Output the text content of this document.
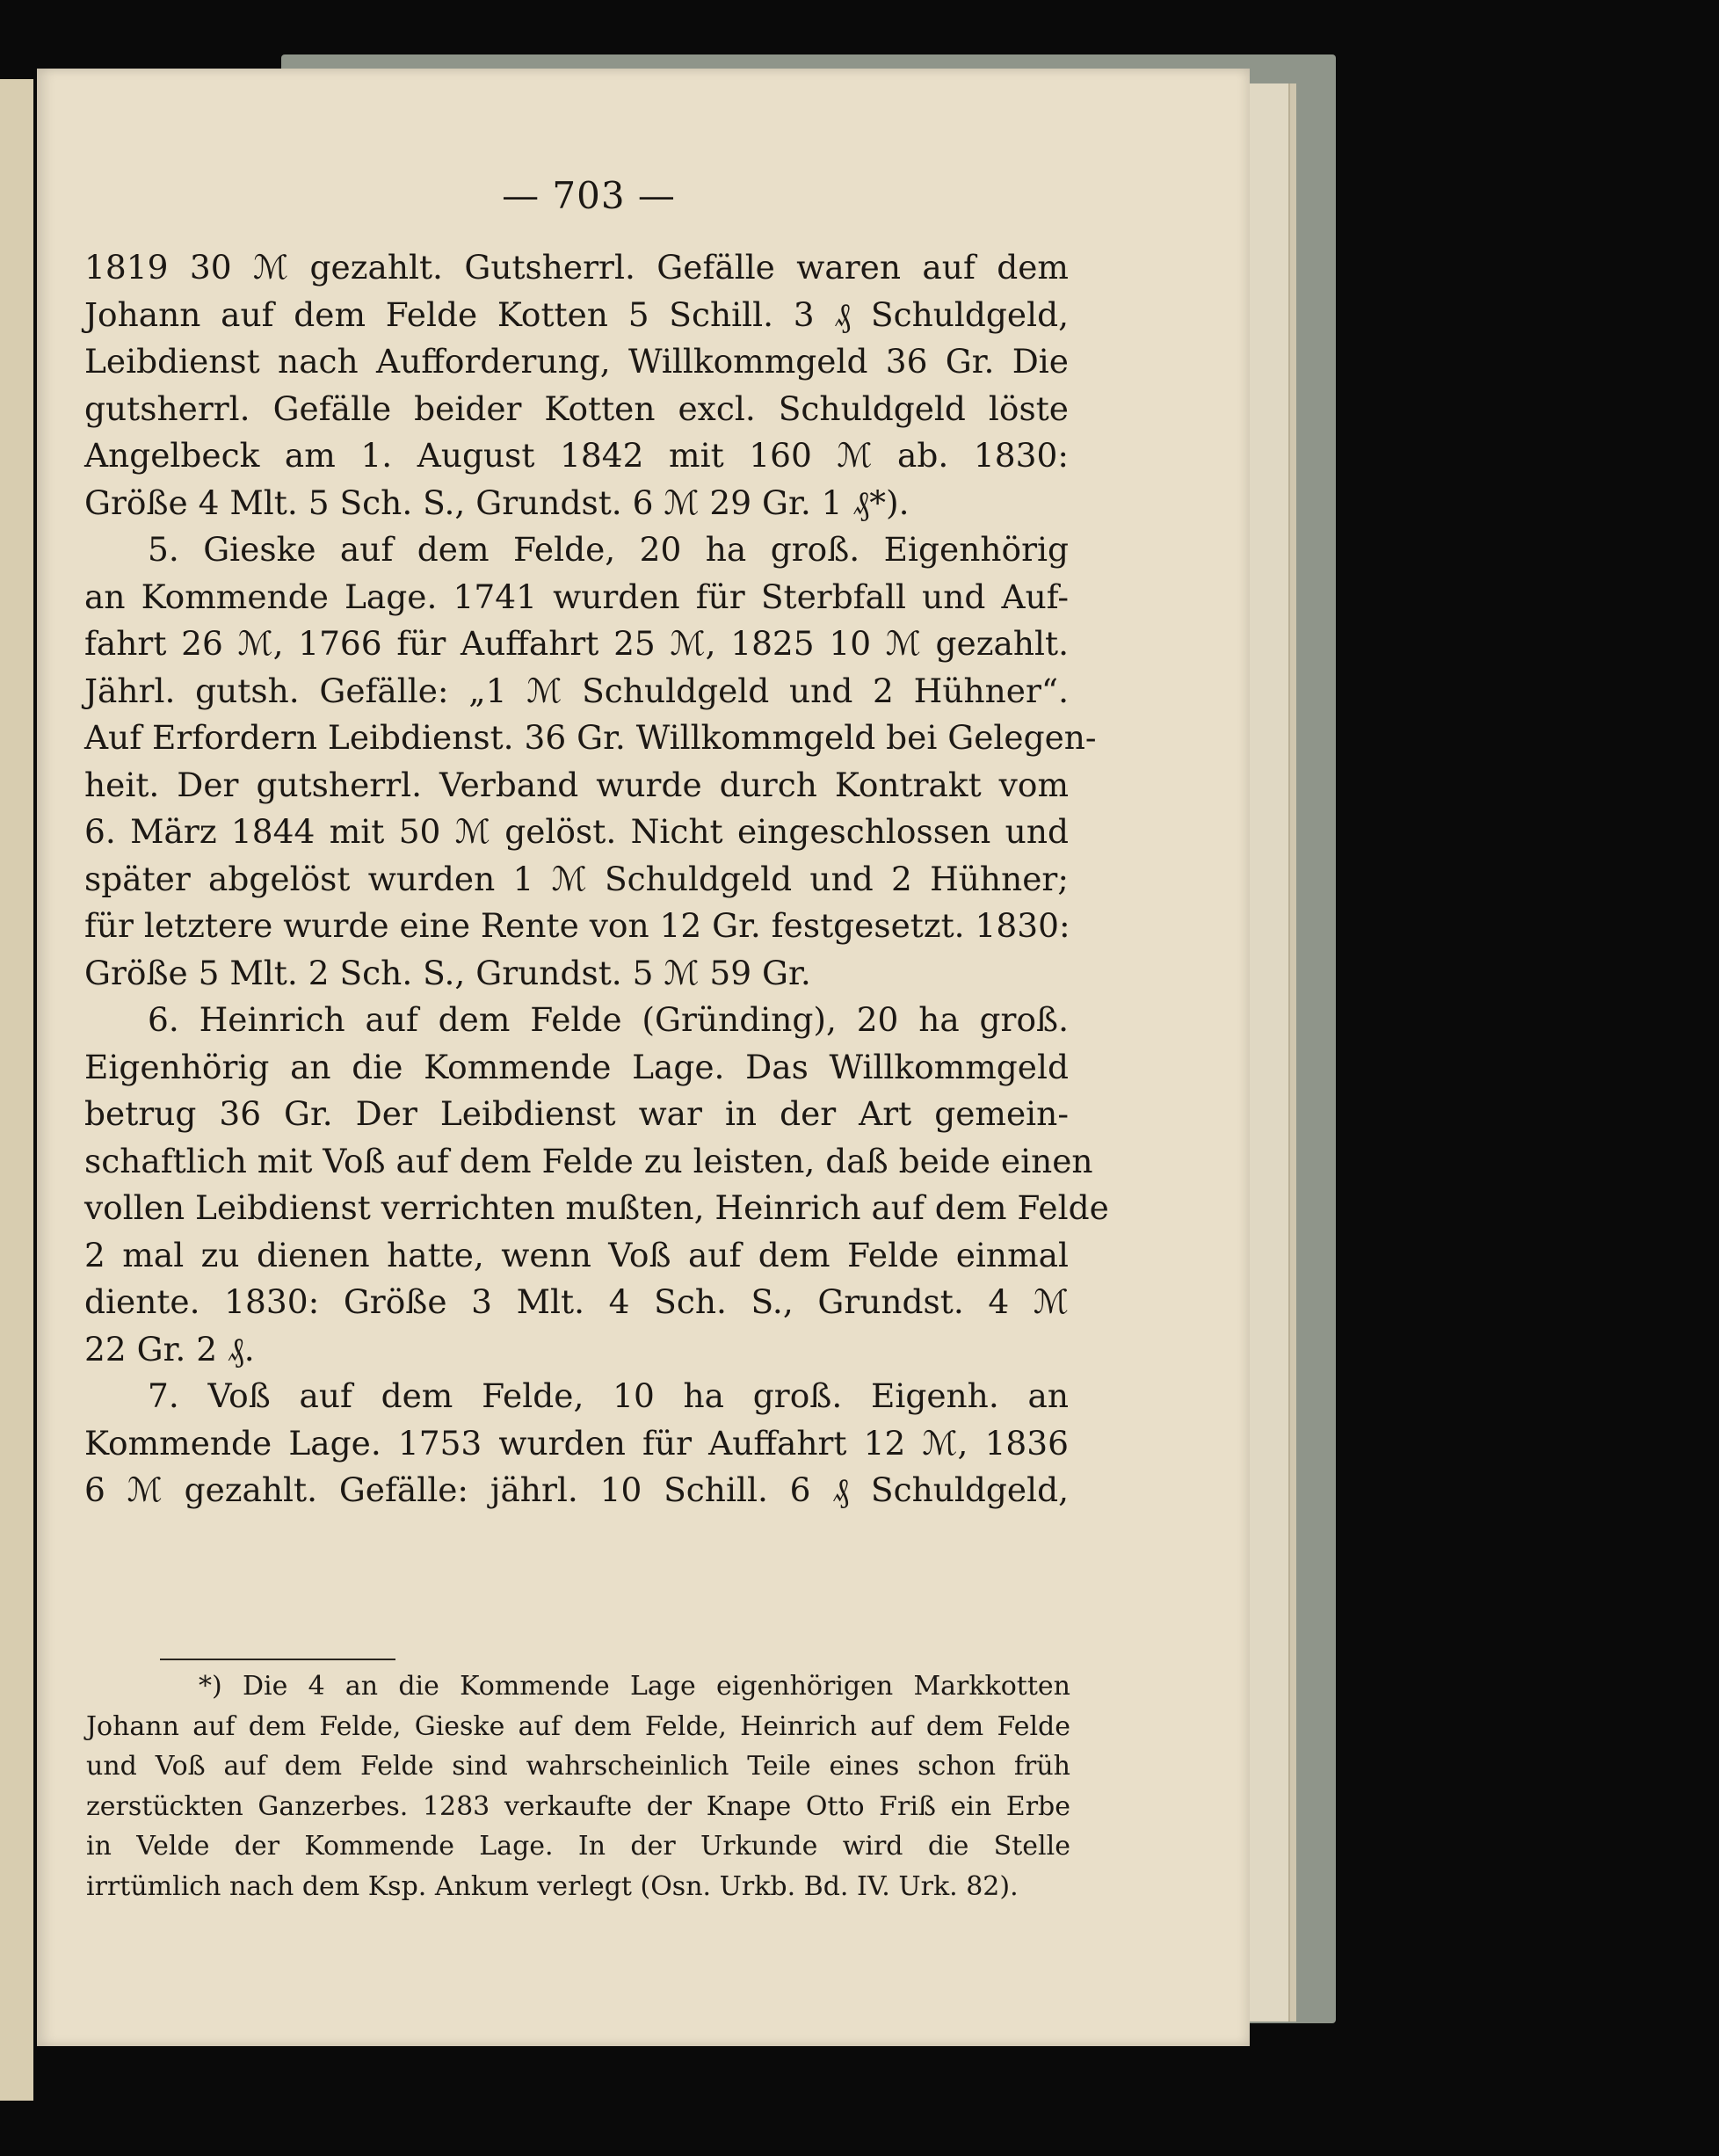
— 703 —
1819 30 ℳ gezahlt. Gutsherrl. Gefälle waren auf dem
Johann auf dem Felde Kotten 5 Schill. 3 ₰ Schuldgeld,
Leibdienst nach Aufforderung, Willkommgeld 36 Gr. Die
gutsherrl. Gefälle beider Kotten excl. Schuldgeld löste
Angelbeck am 1. August 1842 mit 160 ℳ ab. 1830:
Größe 4 Mlt. 5 Sch. S., Grundst. 6 ℳ 29 Gr. 1 ₰*).
5. Gieske auf dem Felde, 20 ha groß. Eigenhörig
an Kommende Lage. 1741 wurden für Sterbfall und Auf-
fahrt 26 ℳ, 1766 für Auffahrt 25 ℳ, 1825 10 ℳ gezahlt.
Jährl. gutsh. Gefälle: „1 ℳ Schuldgeld und 2 Hühner“.
Auf Erfordern Leibdienst. 36 Gr. Willkommgeld bei Gelegen-
heit. Der gutsherrl. Verband wurde durch Kontrakt vom
6. März 1844 mit 50 ℳ gelöst. Nicht eingeschlossen und
später abgelöst wurden 1 ℳ Schuldgeld und 2 Hühner;
für letztere wurde eine Rente von 12 Gr. festgesetzt. 1830:
Größe 5 Mlt. 2 Sch. S., Grundst. 5 ℳ 59 Gr.
6. Heinrich auf dem Felde (Gründing), 20 ha groß.
Eigenhörig an die Kommende Lage. Das Willkommgeld
betrug 36 Gr. Der Leibdienst war in der Art gemein-
schaftlich mit Voß auf dem Felde zu leisten, daß beide einen
vollen Leibdienst verrichten mußten, Heinrich auf dem Felde
2 mal zu dienen hatte, wenn Voß auf dem Felde einmal
diente. 1830: Größe 3 Mlt. 4 Sch. S., Grundst. 4 ℳ
22 Gr. 2 ₰.
7. Voß auf dem Felde, 10 ha groß. Eigenh. an
Kommende Lage. 1753 wurden für Auffahrt 12 ℳ, 1836
6 ℳ gezahlt. Gefälle: jährl. 10 Schill. 6 ₰ Schuldgeld,
*) Die 4 an die Kommende Lage eigenhörigen Markkotten
Johann auf dem Felde, Gieske auf dem Felde, Heinrich auf dem Felde
und Voß auf dem Felde sind wahrscheinlich Teile eines schon früh
zerstückten Ganzerbes. 1283 verkaufte der Knape Otto Friß ein Erbe
in Velde der Kommende Lage. In der Urkunde wird die Stelle
irrtümlich nach dem Ksp. Ankum verlegt (Osn. Urkb. Bd. IV. Urk. 82).
